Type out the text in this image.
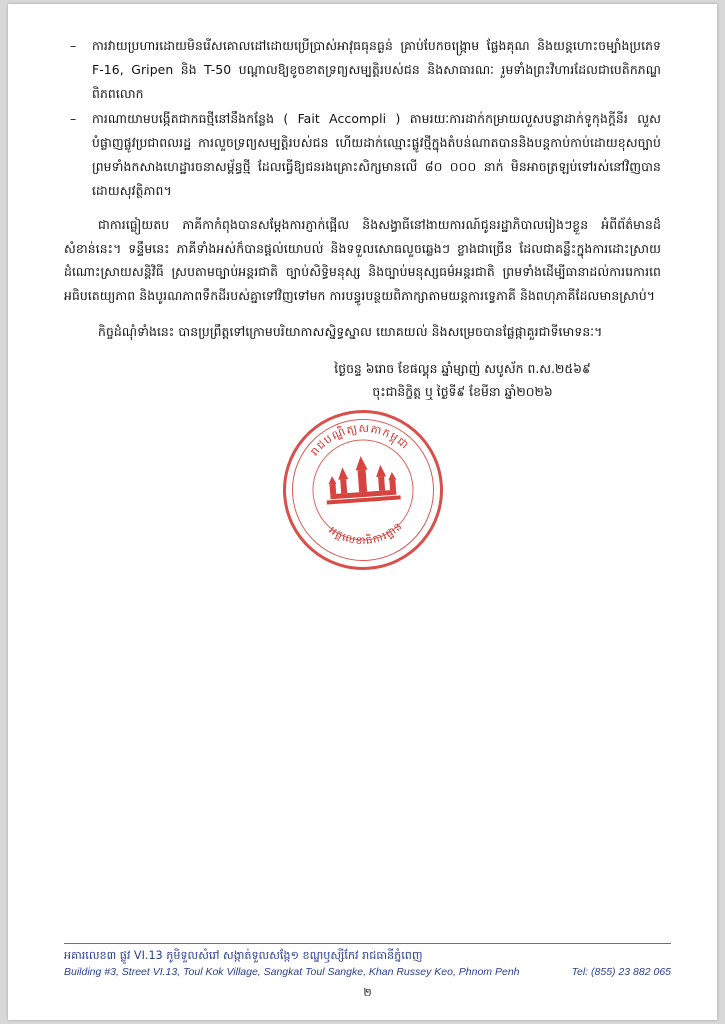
– ការវាយប្រហារដោយមិនរើសគោលដៅដោយប្រើប្រាស់អាវុធធុនធ្ងន់ គ្រាប់បែកចង្រ្កោម ផ្លែងគុណ និងយន្តហោះចម្បាំងប្រភេទ F-16, Gripen និង T-50 បណ្តាលឱ្យខូចខាតទ្រព្យសម្បត្តិរបស់ជន និងសាធារណៈ រួមទាំងព្រះវិហារដែលជាបេតិកភណ្ឌពិភពលោក
– ការណាយាមបង្កើតជាកធថ្មីនៅនឹងកន្លែង ( Fait Accompli ) តាមរយៈការដាក់កម្រាយលួសបន្លាដាក់ទូកុងក្តីនីរ លួសបំផ្លាញផ្លូវប្រជាពលរដ្ឋ ការលួចទ្រព្យសម្បត្តិរបស់ជន ហើយដាក់ឈ្មោះផ្លូវថ្មីក្នុងតំបន់ណាតបាននិងបន្តកាប់កាប់ដោយខុសច្បាប់ ព្រមទាំងកសាងហេដ្ឋារចនាសម្ព័ន្ធថ្មី ដែលធ្វើឱ្យជនរងគ្រោះសិក្សមានលើ ៨០ ០០០ នាក់ មិនអាចត្រឡប់ទៅរស់នៅវិញបានដោយសុវត្ថិភាព។

ជាការធ្លៀយតប ភាគីកាកំពុងបានសម្តែងការភ្ញាក់ផ្អើល និងសង្វាធីនៅងាយការណ៍ជូនរដ្ឋាភិបាលរៀងៗខ្លួន អំពីព័ត៌មានដ៏សំខាន់នេះ។ ទន្ទឹមនេះ ភាគីទាំងអស់ក៏បានផ្តល់យោបល់ និងទទួលសោធលួចឆ្លេងៗ ខ្លាងជាច្រើន ដែលជាគន្លឹះក្នុងការដោះស្រាយដំណោះស្រាយសន្តិវិធី ស្របតាមច្បាប់អន្តរជាតិ ច្បាប់សិទ្ធិមនុស្ស និងច្បាប់មនុស្សធម៌អន្តរជាតិ ព្រមទាំងដើម្បីធានាដល់ការរេការពេអធិបតេយ្យភាព និងបូរណភាពទឹកដីរបស់គ្នាទៅវិញទៅមក ការបន្ធូរបន្ថយពិភាក្សាតាមយន្តការទ្វេភាគី និងពហុភាគីដែលមានស្រាប់។

កិច្ចដំណុំទាំងនេះ បានប្រព្រឹត្តទៅក្រោមបរិយាកាសស្និទ្ធស្នាល យោគយល់ និងសម្រេចបានផ្លែផ្កាគួរជាទីមោទនៈ។

ថ្ងៃចន្ទ ៦រោច ខែផល្គុន ឆ្នាំម្សាញ់ សបូស័ក ព.ស.២៥៦៩
ចុះជានិក្ខិត្ត ឬ ថ្ងៃទី៩ ខែមីនា ឆ្នាំ២០២៦
រាជបណ្ឌិត្យសភាកម្ពុជា
អគ្គលេខាធិការដ្ឋាន
អគារលេខ៣ ផ្លូវ VI.13 ភូមិទួលសំរៅ សង្កាត់ទួលសង្កែ១ ខណ្ឌឫស្សីកែវ រាជធានីភ្នំពេញ
Building #3, Street VI.13, Toul Kok Village, Sangkat Toul Sangke, Khan Russey Keo, Phnom Penh	Tel: (855) 23 882 065
២
